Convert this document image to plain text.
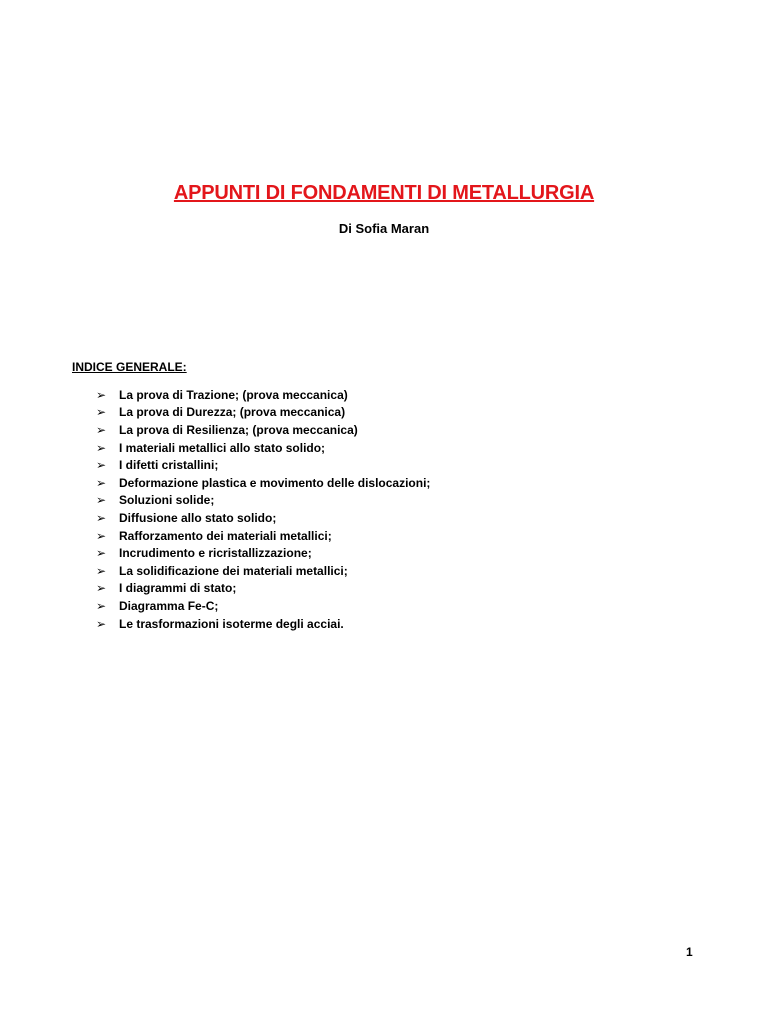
APPUNTI DI FONDAMENTI DI METALLURGIA
Di Sofia Maran
INDICE GENERALE:
➢	La prova di Trazione; (prova meccanica)
➢	La prova di Durezza; (prova meccanica)
➢	La prova di Resilienza; (prova meccanica)
➢	I materiali metallici allo stato solido;
➢	I difetti cristallini;
➢	Deformazione plastica e movimento delle dislocazioni;
➢	Soluzioni solide;
➢	Diffusione allo stato solido;
➢	Rafforzamento dei materiali metallici;
➢	Incrudimento e ricristallizzazione;
➢	La solidificazione dei materiali metallici;
➢	I diagrammi di stato;
➢	Diagramma Fe-C;
➢	Le trasformazioni isoterme degli acciai.
1
